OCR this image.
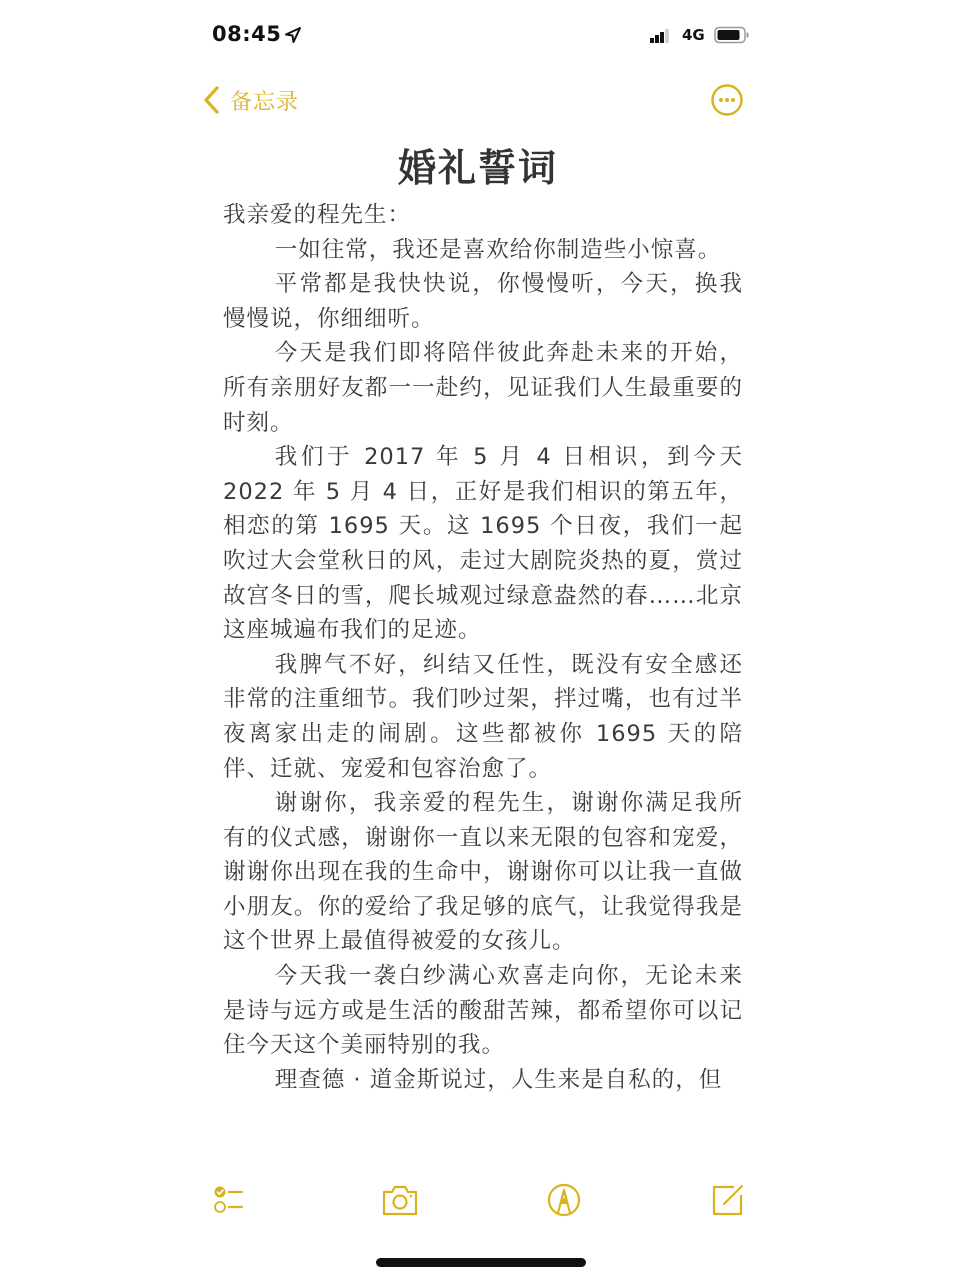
08:45	4G
备忘录
婚礼誓词

我亲爱的程先生：

一如往常，我还是喜欢给你制造些小惊喜。

平常都是我快快说，你慢慢听，今天，换我慢慢说，你细细听。

今天是我们即将陪伴彼此奔赴未来的开始，所有亲朋好友都一一赴约，见证我们人生最重要的时刻。

我们于 2017 年 5 月 4 日相识，到今天 2022 年 5 月 4 日，正好是我们相识的第五年，相恋的第 1695 天。这 1695 个日夜，我们一起吹过大会堂秋日的风，走过大剧院炎热的夏，赏过故宫冬日的雪，爬长城观过绿意盎然的春……北京这座城遍布我们的足迹。

我脾气不好，纠结又任性，既没有安全感还非常的注重细节。我们吵过架，拌过嘴，也有过半夜离家出走的闹剧。这些都被你 1695 天的陪伴、迁就、宠爱和包容治愈了。

谢谢你，我亲爱的程先生，谢谢你满足我所有的仪式感，谢谢你一直以来无限的包容和宠爱，谢谢你出现在我的生命中，谢谢你可以让我一直做小朋友。你的爱给了我足够的底气，让我觉得我是这个世界上最值得被爱的女孩儿。

今天我一袭白纱满心欢喜走向你，无论未来是诗与远方或是生活的酸甜苦辣，都希望你可以记住今天这个美丽特别的我。

理查德 · 道金斯说过，人生来是自私的，但
